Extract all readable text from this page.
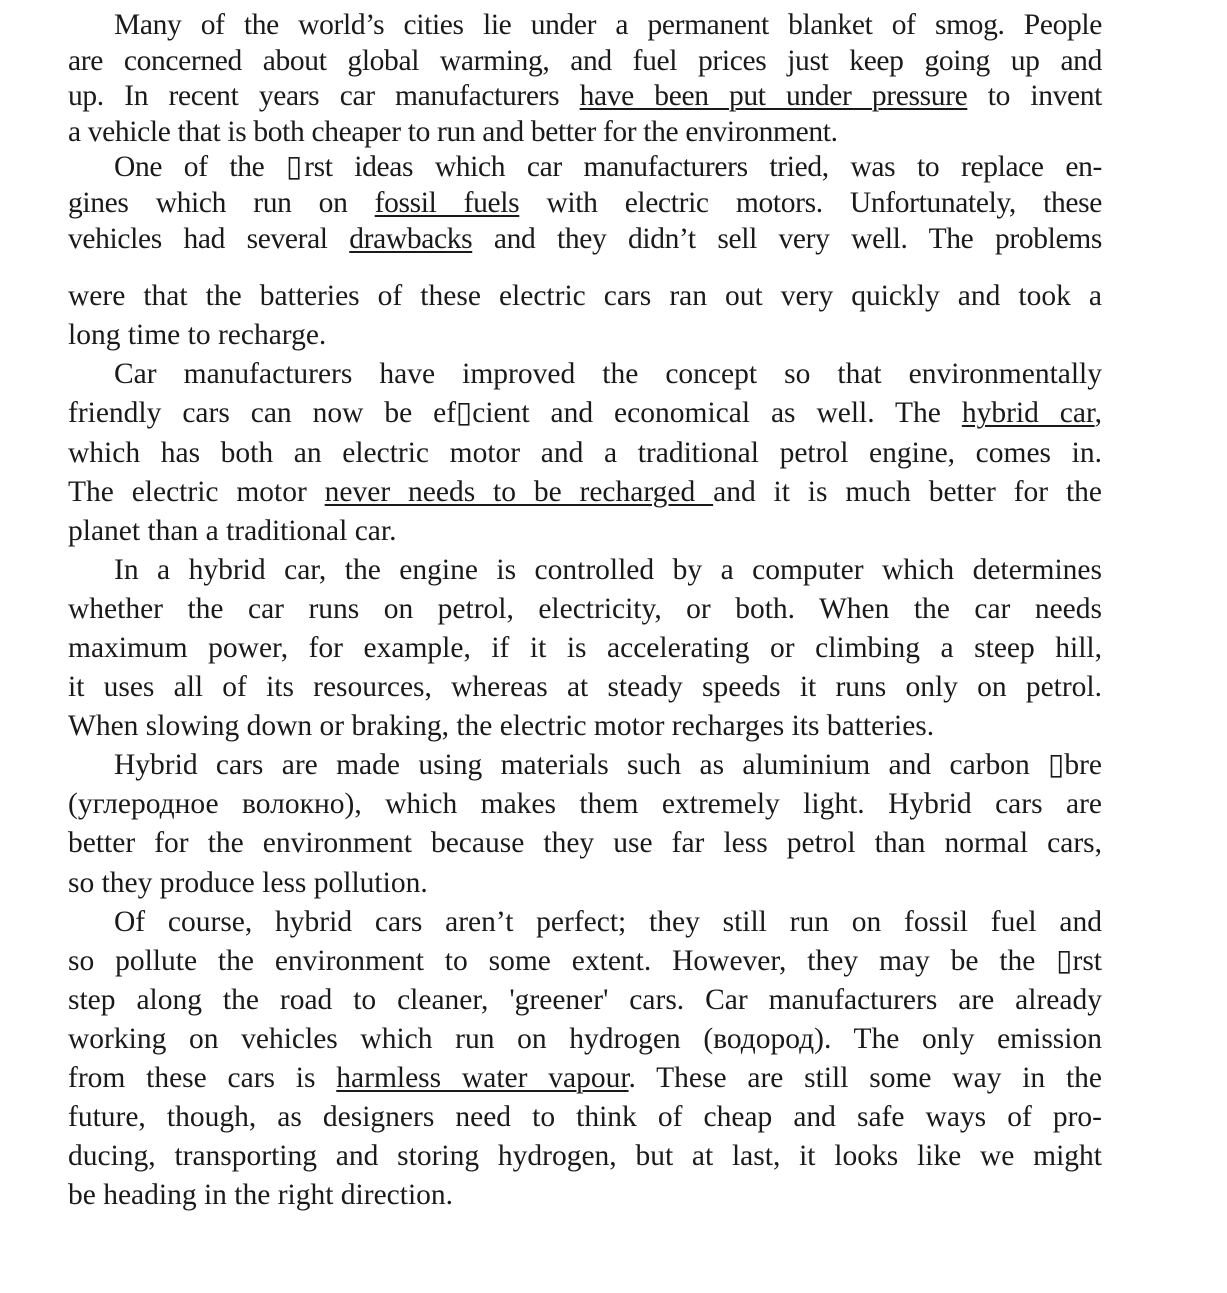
Many of the world’s cities lie under a permanent blanket of smog. People
are concerned about global warming, and fuel prices just keep going up and
up. In recent years car manufacturers have been put under pressure to invent
a vehicle that is both cheaper to run and better for the environment.
One of the ▯ rst ideas which car manufacturers tried, was to replace en-
gines which run on fossil fuels with electric motors. Unfortunately, these
vehicles had several drawbacks and they didn’t sell very well. The problems
were that the batteries of these electric cars ran out very quickly and took a
long time to recharge.
Car manufacturers have improved the concept so that environmentally
friendly cars can now be ef▯cient and economical as well. The hybrid car,
which has both an electric motor and a traditional petrol engine, comes in.
The electric motor never needs to be recharged and it is much better for the
planet than a traditional car.
In a hybrid car, the engine is controlled by a computer which determines
whether the car runs on petrol, electricity, or both. When the car needs
maximum power, for example, if it is accelerating or climbing a steep hill,
it uses all of its resources, whereas at steady speeds it runs only on petrol.
When slowing down or braking, the electric motor recharges its batteries.
Hybrid cars are made using materials such as aluminium and carbon ▯bre
(углеродное волокно), which makes them extremely light. Hybrid cars are
better for the environment because they use far less petrol than normal cars,
so they produce less pollution.
Of course, hybrid cars aren’t perfect; they still run on fossil fuel and
so pollute the environment to some extent. However, they may be the ▯rst
step along the road to cleaner, 'greener' cars. Car manufacturers are already
working on vehicles which run on hydrogen (водород). The only emission
from these cars is harmless water vapour. These are still some way in the
future, though, as designers need to think of cheap and safe ways of pro-
ducing, transporting and storing hydrogen, but at last, it looks like we might
be heading in the right direction.
